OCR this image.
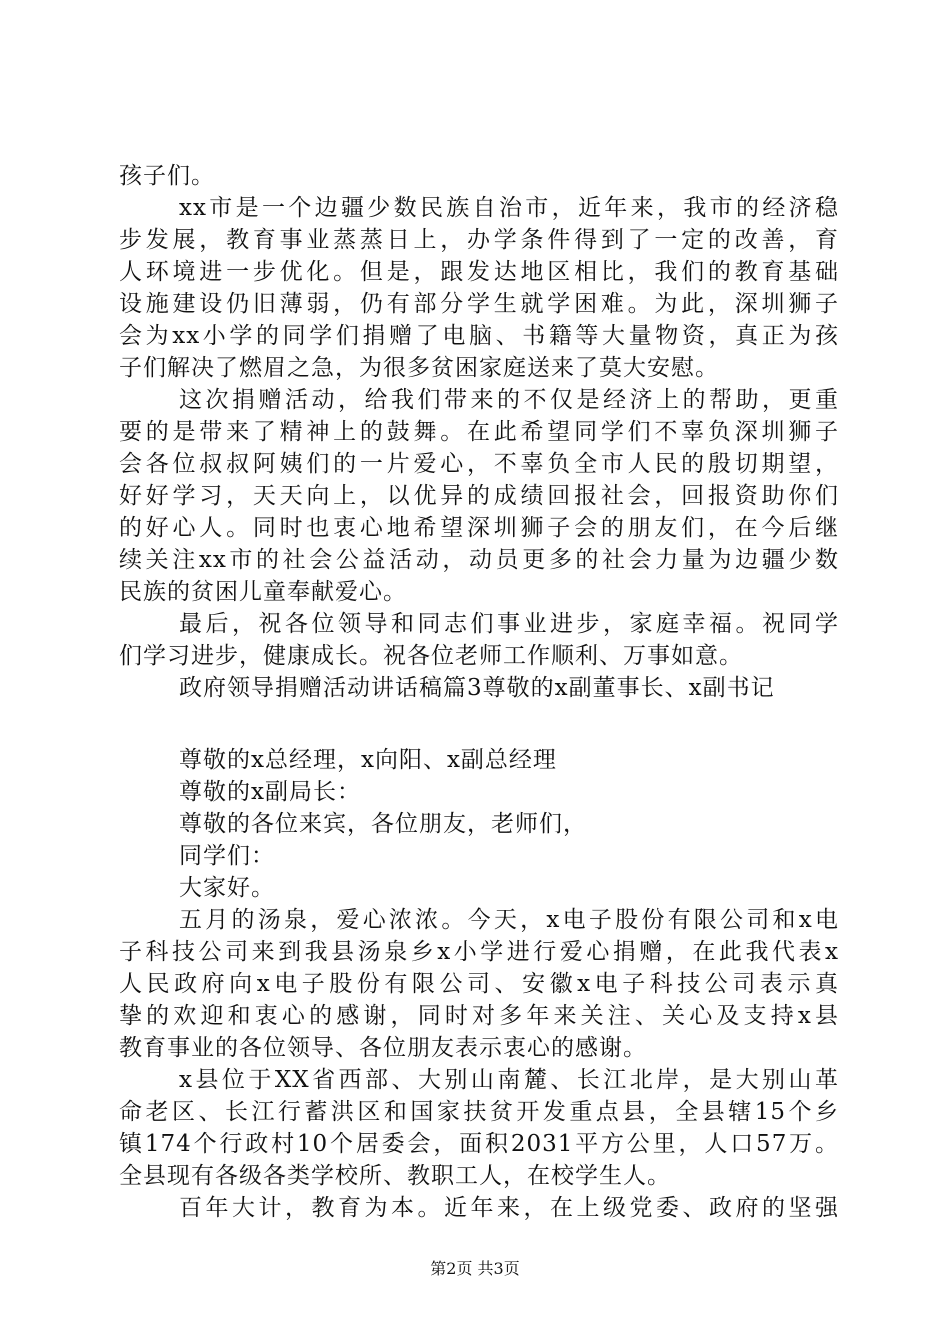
孩子们。
xx市是一个边疆少数民族自治市，近年来，我市的经济稳
步发展，教育事业蒸蒸日上，办学条件得到了一定的改善，育
人环境进一步优化。但是，跟发达地区相比，我们的教育基础
设施建设仍旧薄弱，仍有部分学生就学困难。为此，深圳狮子
会为xx小学的同学们捐赠了电脑、书籍等大量物资，真正为孩
子们解决了燃眉之急，为很多贫困家庭送来了莫大安慰。
这次捐赠活动，给我们带来的不仅是经济上的帮助，更重
要的是带来了精神上的鼓舞。在此希望同学们不辜负深圳狮子
会各位叔叔阿姨们的一片爱心，不辜负全市人民的殷切期望，
好好学习，天天向上，以优异的成绩回报社会，回报资助你们
的好心人。同时也衷心地希望深圳狮子会的朋友们，在今后继
续关注xx市的社会公益活动，动员更多的社会力量为边疆少数
民族的贫困儿童奉献爱心。
最后，祝各位领导和同志们事业进步，家庭幸福。祝同学
们学习进步，健康成长。祝各位老师工作顺利、万事如意。
政府领导捐赠活动讲话稿篇3尊敬的x副董事长、x副书记
尊敬的x总经理，x向阳、x副总经理
尊敬的x副局长：
尊敬的各位来宾，各位朋友，老师们，
同学们：
大家好。
五月的汤泉，爱心浓浓。今天，x电子股份有限公司和x电
子科技公司来到我县汤泉乡x小学进行爱心捐赠，在此我代表x
人民政府向x电子股份有限公司、安徽x电子科技公司表示真
挚的欢迎和衷心的感谢，同时对多年来关注、关心及支持x县
教育事业的各位领导、各位朋友表示衷心的感谢。
x县位于XX省西部、大别山南麓、长江北岸，是大别山革
命老区、长江行蓄洪区和国家扶贫开发重点县，全县辖15个乡
镇174个行政村10个居委会，面积2031平方公里，人口57万。
全县现有各级各类学校所、教职工人，在校学生人。
百年大计，教育为本。近年来，在上级党委、政府的坚强
第2页 共3页
